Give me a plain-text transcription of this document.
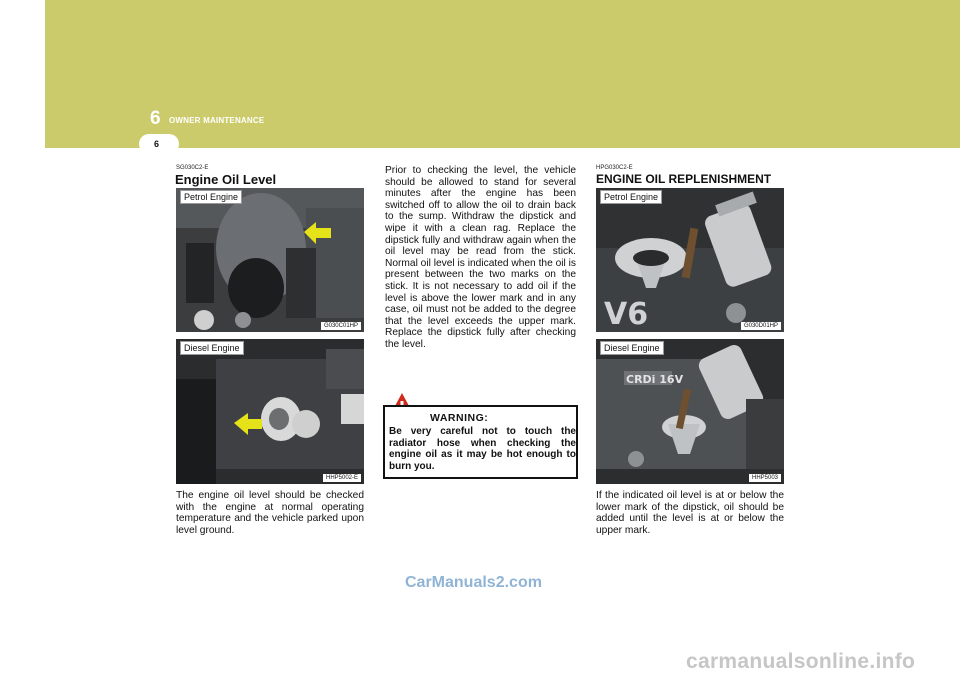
6 OWNER MAINTENANCE
6
SG030C2-E
Engine Oil Level
Petrol Engine
G030C01HP
Diesel Engine
HHP5002-E
The engine oil level should be checked with the engine at normal operating temperature and the vehicle parked upon level ground.
Prior to checking the level, the vehicle should be allowed to stand for several minutes after the engine has been switched off to allow the oil to drain back to the sump. Withdraw the dipstick and wipe it with a clean rag. Replace the dipstick fully and withdraw again when the oil level may be read from the stick. Normal oil level is indicated when the oil is present between the two marks on the stick. It is not necessary to add oil if the level is above the lower mark and in any case, oil must not be added to the degree that the level exceeds the upper mark. Replace the dipstick fully after checking the level.
WARNING:
Be very careful not to touch the radiator hose when checking the engine oil as it may be hot enough to burn you.
HPG030C2-E
ENGINE OIL REPLENISHMENT
V6
Petrol Engine
G030D01HP
CRDi 16V
Diesel Engine
HHP5003
If the indicated oil level is at or below the lower mark of the dipstick, oil should be added until the level is at or below the upper mark.
CarManuals2.com
carmanualsonline.info
